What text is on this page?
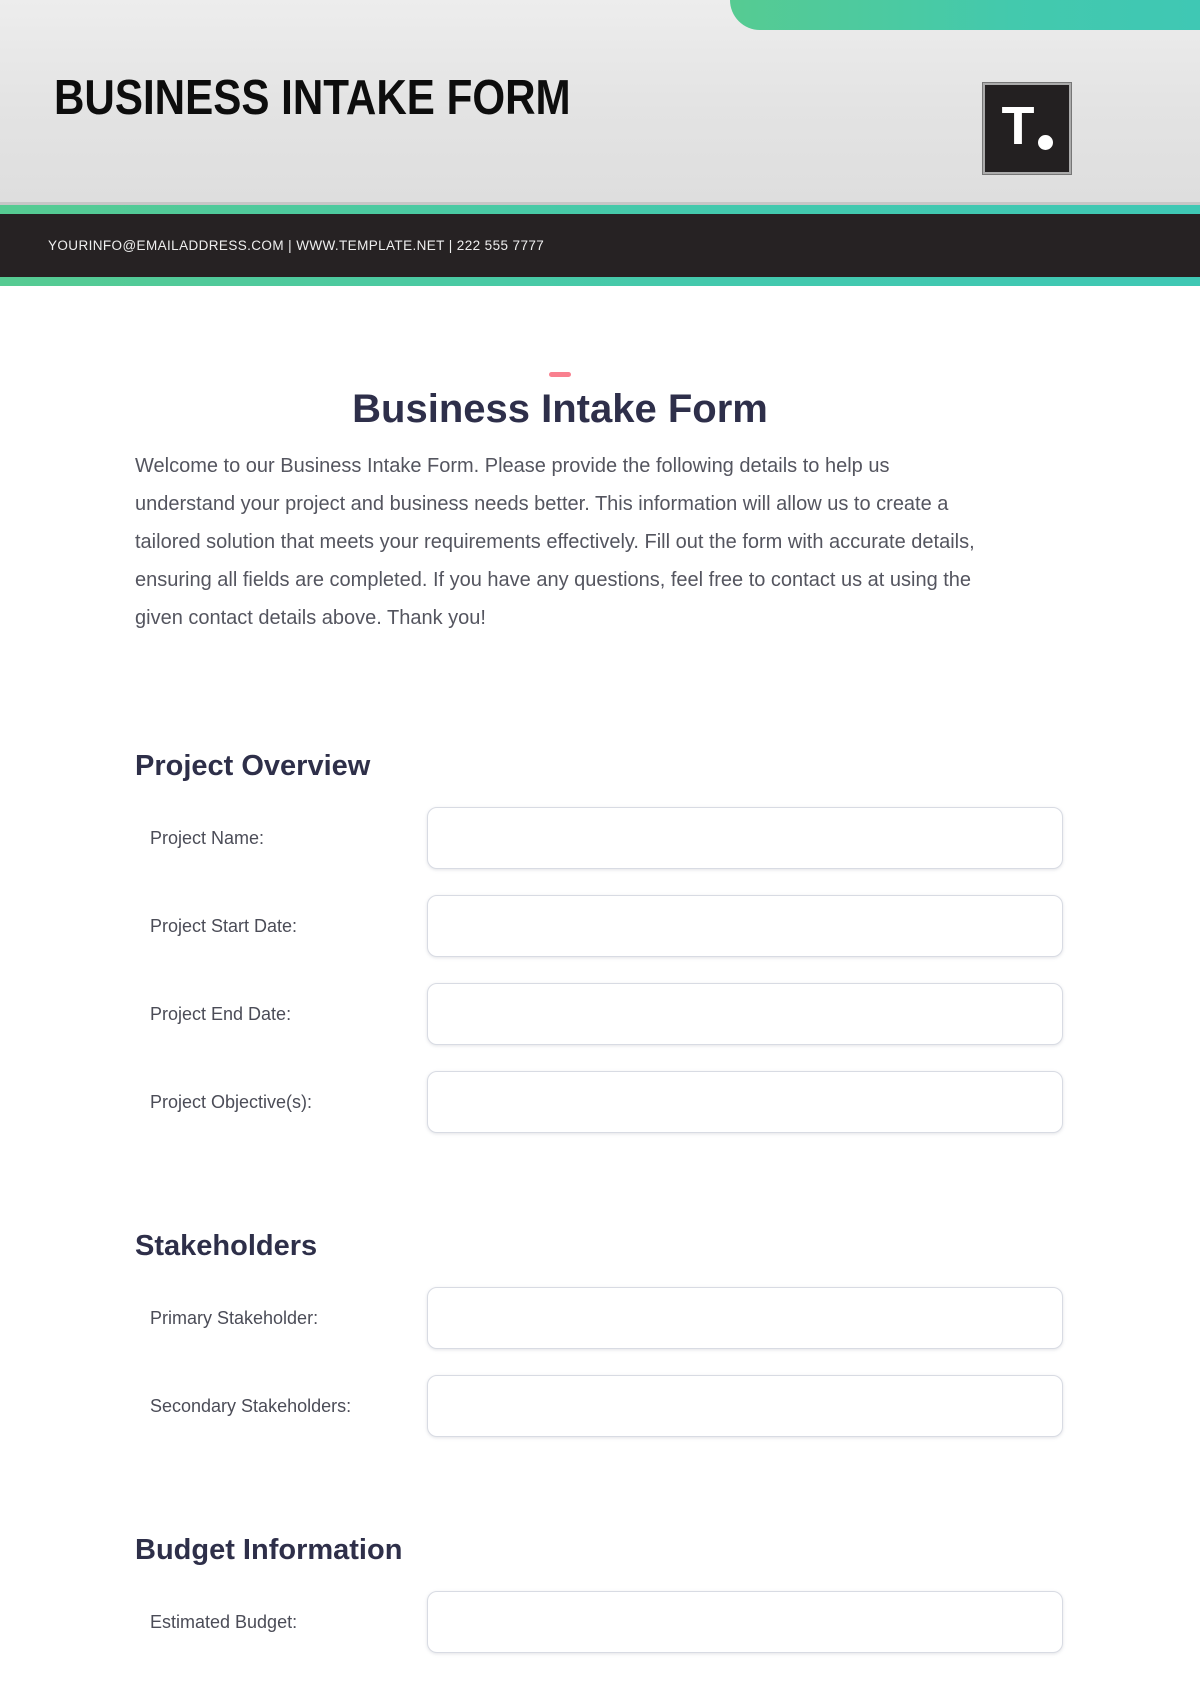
BUSINESS INTAKE FORM	T
YOURINFO@EMAILADDRESS.COM | WWW.TEMPLATE.NET | 222 555 7777
Business Intake Form

Welcome to our Business Intake Form. Please provide the following details to help us understand your project and business needs better. This information will allow us to create a tailored solution that meets your requirements effectively. Fill out the form with accurate details, ensuring all fields are completed. If you have any questions, feel free to contact us at using the given contact details above. Thank you!

Project Overview
Project Name:
Project Start Date:
Project End Date:
Project Objective(s):
Stakeholders
Primary Stakeholder:
Secondary Stakeholders:
Budget Information
Estimated Budget:
